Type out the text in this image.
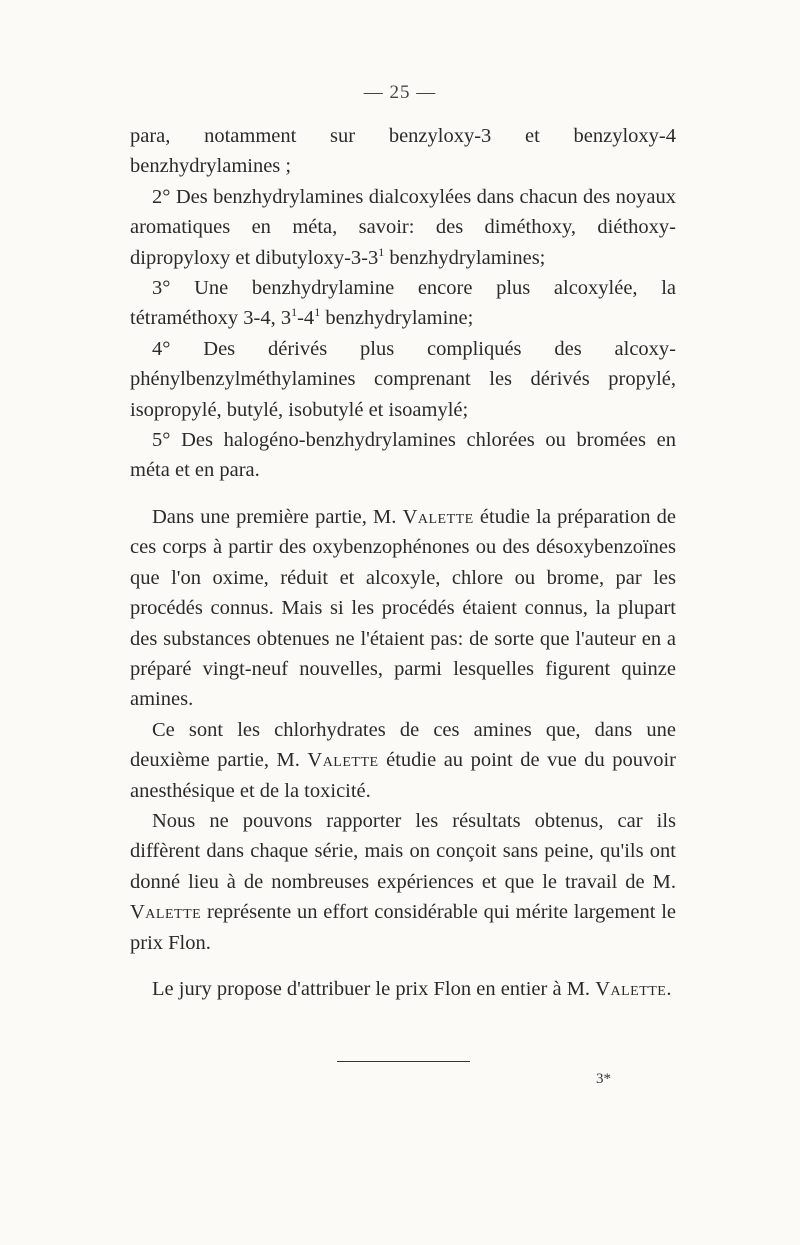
— 25 —

para, notamment sur benzyloxy-3 et benzyloxy-4 benzhydrylamines ;

2° Des benzhydrylamines dialcoxylées dans chacun des noyaux aromatiques en méta, savoir: des diméthoxy, diéthoxy-dipropyloxy et dibutyloxy-$3-3^1$ benzhydrylamines;

3° Une benzhydrylamine encore plus alcoxylée, la tétraméthoxy 3-4, $3^1-4^1$ benzhydrylamine;

4° Des dérivés plus compliqués des alcoxy-phénylbenzylméthylamines comprenant les dérivés propylé, isopropylé, butylé, isobutylé et isoamylé;

5° Des halogéno-benzhydrylamines chlorées ou bromées en méta et en para.

Dans une première partie, M. Valette étudie la préparation de ces corps à partir des oxybenzophénones ou des désoxybenzoïnes que l'on oxime, réduit et alcoxyle, chlore ou brome, par les procédés connus. Mais si les procédés étaient connus, la plupart des substances obtenues ne l'étaient pas: de sorte que l'auteur en a préparé vingt-neuf nouvelles, parmi lesquelles figurent quinze amines.

Ce sont les chlorhydrates de ces amines que, dans une deuxième partie, M. Valette étudie au point de vue du pouvoir anesthésique et de la toxicité.

Nous ne pouvons rapporter les résultats obtenus, car ils diffèrent dans chaque série, mais on conçoit sans peine, qu'ils ont donné lieu à de nombreuses expériences et que le travail de M. Valette représente un effort considérable qui mérite largement le prix Flon.

Le jury propose d'attribuer le prix Flon en entier à M. Valette.

3*
